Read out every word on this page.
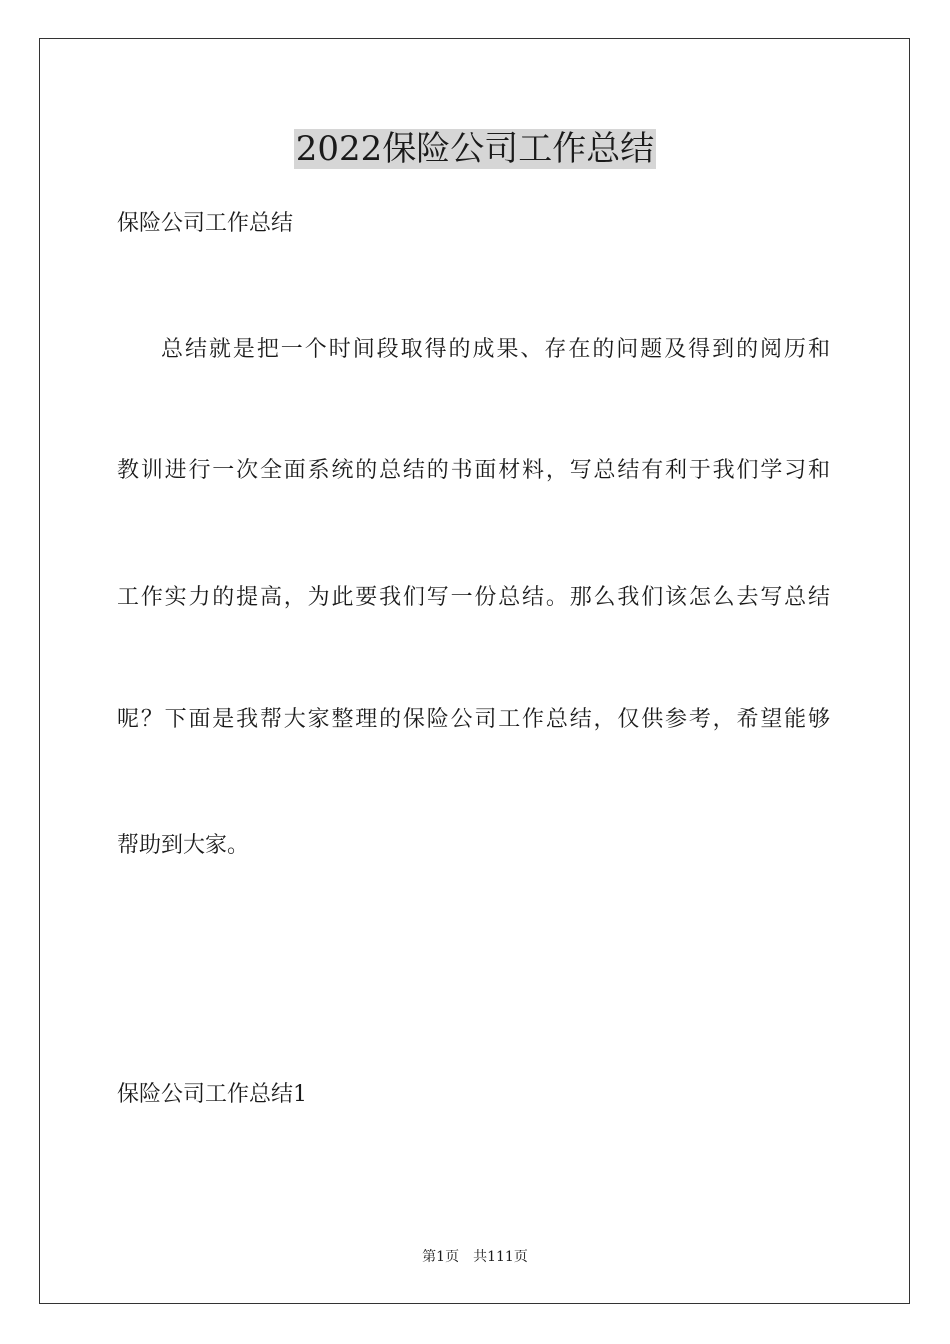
2022保险公司工作总结
保险公司工作总结
总结就是把一个时间段取得的成果、存在的问题及得到的阅历和
教训进行一次全面系统的总结的书面材料，写总结有利于我们学习和
工作实力的提高，为此要我们写一份总结。那么我们该怎么去写总结
呢？下面是我帮大家整理的保险公司工作总结，仅供参考，希望能够
帮助到大家。
保险公司工作总结1
第1页 共111页
